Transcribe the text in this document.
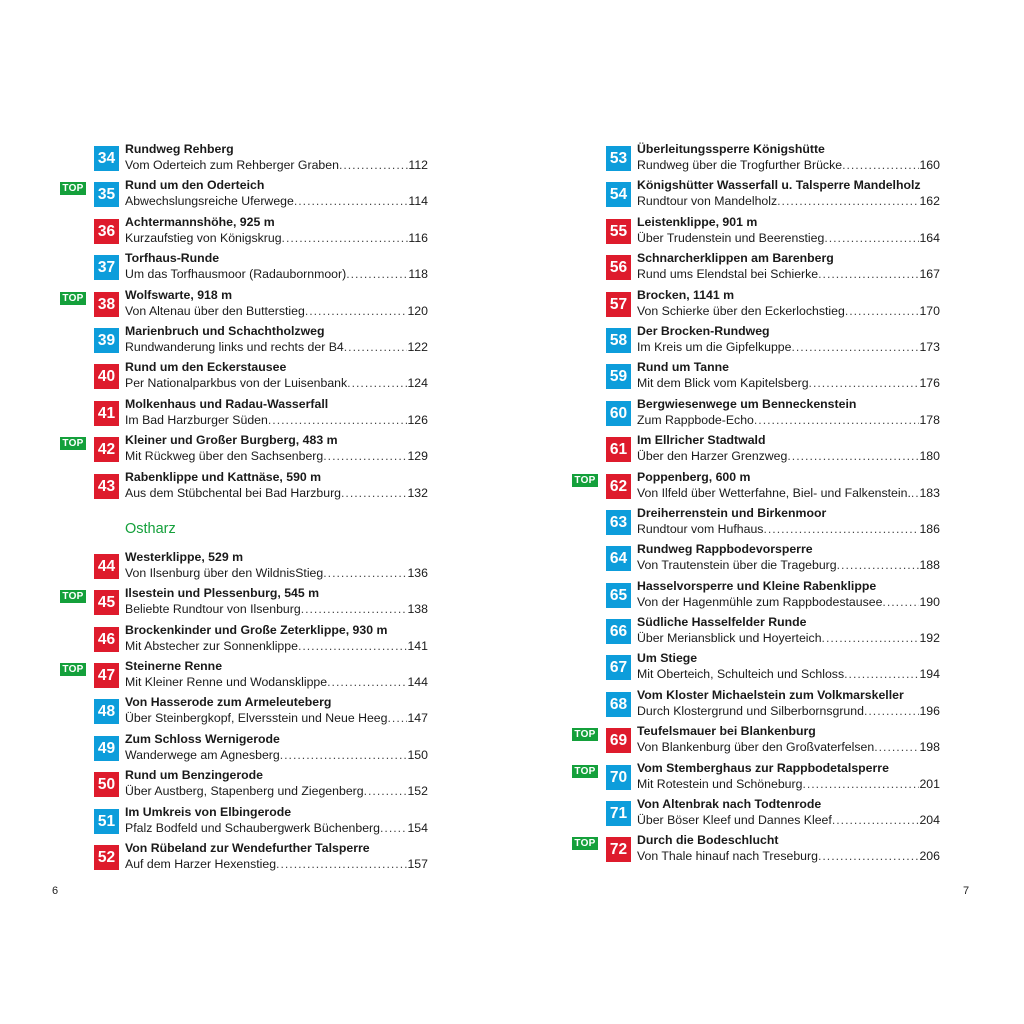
34
Rundweg Rehberg
Vom Oderteich zum Rehberger Graben .....	112
TOP 35
Rund um den Oderteich
Abwechslungsreiche Uferwege .....	114
36
Achtermannshöhe, 925 m
Kurzaufstieg von Königskrug .....	116
37
Torfhaus-Runde
Um das Torfhausmoor (Radaubornmoor) .....	118
TOP 38
Wolfswarte, 918 m
Von Altenau über den Butterstieg .....	120
39
Marienbruch und Schachtholzweg
Rundwanderung links und rechts der B4 .....	122
40
Rund um den Eckerstausee
Per Nationalparkbus von der Luisenbank .....	124
41
Molkenhaus und Radau-Wasserfall
Im Bad Harzburger Süden .....	126
TOP 42
Kleiner und Großer Burgberg, 483 m
Mit Rückweg über den Sachsenberg .....	129
43
Rabenklippe und Kattnäse, 590 m
Aus dem Stübchental bei Bad Harzburg .....	132
Ostharz
44
Westerklippe, 529 m
Von Ilsenburg über den WildnisStieg .....	136
TOP 45
Ilsestein und Plessenburg, 545 m
Beliebte Rundtour von Ilsenburg .....	138
46
Brockenkinder und Große Zeterklippe, 930 m
Mit Abstecher zur Sonnenklippe .....	141
TOP 47
Steinerne Renne
Mit Kleiner Renne und Wodansklippe .....	144
48
Von Hasserode zum Armeleuteberg
Über Steinbergkopf, Elversstein und Neue Heeg ..... 147
49
Zum Schloss Wernigerode
Wanderwege am Agnesberg .....	150
50
Rund um Benzingerode
Über Austberg, Stapenberg und Ziegenberg .....	152
51
Im Umkreis von Elbingerode
Pfalz Bodfeld und Schaubergwerk Büchenberg ..... 154
52
Von Rübeland zur Wendefurther Talsperre
Auf dem Harzer Hexenstieg .....	157
53
Überleitungssperre Königshütte
Rundweg über die Trogfurther Brücke .....	160
54
Königshütter Wasserfall u. Talsperre Mandelholz
Rundtour von Mandelholz .....	162
55
Leistenklippe, 901 m
Über Trudenstein und Beerenstieg .....	164
56
Schnarcherklippen am Barenberg
Rund ums Elendstal bei Schierke .....	167
57
Brocken, 1141 m
Von Schierke über den Eckerlochstieg .....	170
58
Der Brocken-Rundweg
Im Kreis um die Gipfelkuppe .....	173
59
Rund um Tanne
Mit dem Blick vom Kapitelsberg .....	176
60
Bergwiesenwege um Benneckenstein
Zum Rappbode-Echo .....	178
61
Im Ellricher Stadtwald
Über den Harzer Grenzweg .....	180
TOP 62
Poppenberg, 600 m
Von Ilfeld über Wetterfahne, Biel- und Falkenstein. ..... 183
63
Dreiherrenstein und Birkenmoor
Rundtour vom Hufhaus .....	186
64
Rundweg Rappbodevorsperre
Von Trautenstein über die Trageburg .....	188
65
Hasselvorsperre und Kleine Rabenklippe
Von der Hagenmühle zum Rappbodestausee .....	190
66
Südliche Hasselfelder Runde
Über Meriansblick und Hoyerteich .....	192
67
Um Stiege
Mit Oberteich, Schulteich und Schloss .....	194
68
Vom Kloster Michaelstein zum Volkmarskeller
Durch Klostergrund und Silberbornsgrund .....	196
TOP 69
Teufelsmauer bei Blankenburg
Von Blankenburg über den Großvaterfelsen .....	198
TOP 70
Vom Stemberghaus zur Rappbodetalsperre
Mit Rotestein und Schöneburg .....	201
71
Von Altenbrak nach Todtenrode
Über Böser Kleef und Dannes Kleef .....	204
TOP 72
Durch die Bodeschlucht
Von Thale hinauf nach Treseburg .....	206
6	7
